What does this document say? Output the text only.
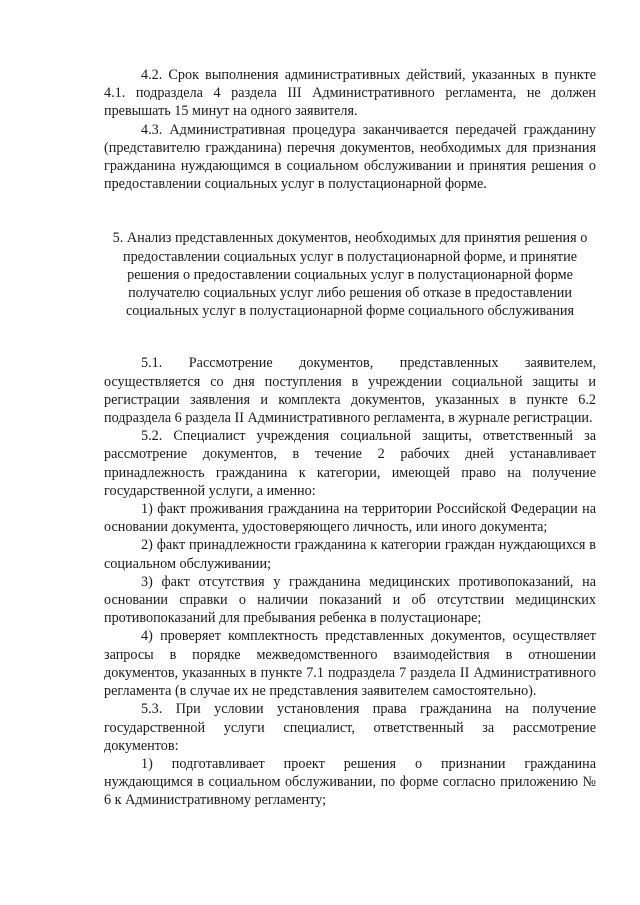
4.2. Срок выполнения административных действий, указанных в пункте 4.1. подраздела 4 раздела III Административного регламента, не должен превышать 15 минут на одного заявителя.

4.3. Административная процедура заканчивается передачей гражданину (представителю гражданина) перечня документов, необходимых для признания гражданина нуждающимся в социальном обслуживании и принятия решения о предоставлении социальных услуг в полустационарной форме.

5. Анализ представленных документов, необходимых для принятия решения о предоставлении социальных услуг в полустационарной форме, и принятие решения о предоставлении социальных услуг в полустационарной форме получателю социальных услуг либо решения об отказе в предоставлении социальных услуг в полустационарной форме социального обслуживания

5.1. Рассмотрение документов, представленных заявителем, осуществляется со дня поступления в учреждении социальной защиты и регистрации заявления и комплекта документов, указанных в пункте 6.2 подраздела 6 раздела II Административного регламента, в журнале регистрации.

5.2. Специалист учреждения социальной защиты, ответственный за рассмотрение документов, в течение 2 рабочих дней устанавливает принадлежность гражданина к категории, имеющей право на получение государственной услуги, а именно:

1) факт проживания гражданина на территории Российской Федерации на основании документа, удостоверяющего личность, или иного документа;

2) факт принадлежности гражданина к категории граждан нуждающихся в социальном обслуживании;

3) факт отсутствия у гражданина медицинских противопоказаний, на основании справки о наличии показаний и об отсутствии медицинских противопоказаний для пребывания ребенка в полустационаре;

4) проверяет комплектность представленных документов, осуществляет запросы в порядке межведомственного взаимодействия в отношении документов, указанных в пункте 7.1 подраздела 7 раздела II Административного регламента (в случае их не представления заявителем самостоятельно).

5.3. При условии установления права гражданина на получение государственной услуги специалист, ответственный за рассмотрение документов:

1) подготавливает проект решения о признании гражданина нуждающимся в социальном обслуживании, по форме согласно приложению № 6 к Административному регламенту;
